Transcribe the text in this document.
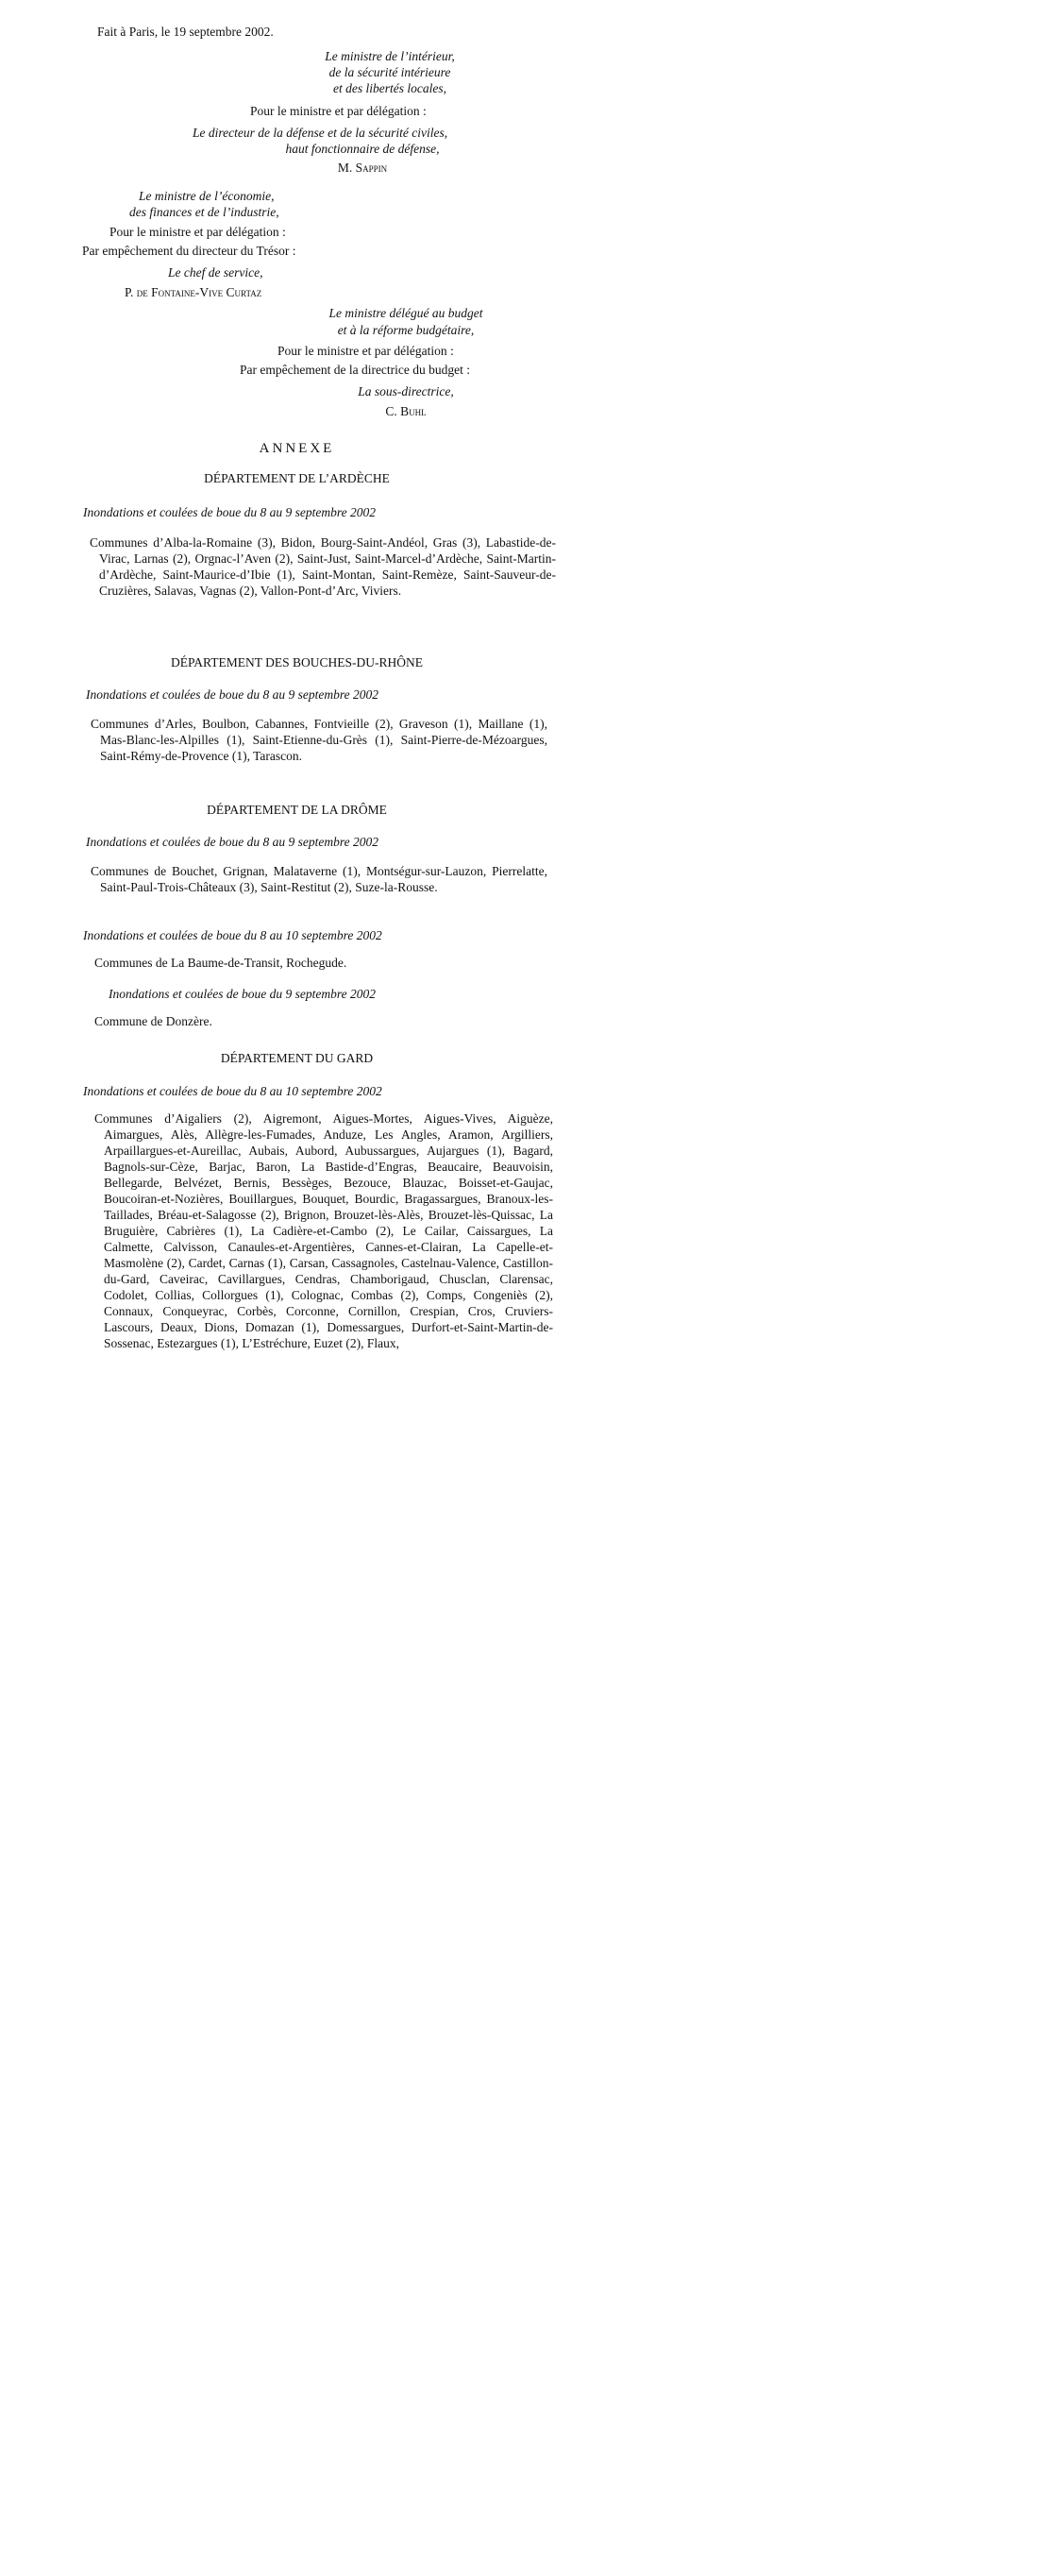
Fait à Paris, le 19 septembre 2002.

Le ministre de l’intérieur,

de la sécurité intérieure

et des libertés locales,

Pour le ministre et par délégation :

Le directeur de la défense et de la sécurité civiles,

haut fonctionnaire de défense,

M. Sappin

Le ministre de l’économie,

des finances et de l’industrie,

Pour le ministre et par délégation :

Par empêchement du directeur du Trésor :

Le chef de service,

P. de Fontaine-Vive Curtaz

Le ministre délégué au budget

et à la réforme budgétaire,

Pour le ministre et par délégation :

Par empêchement de la directrice du budget :

La sous-directrice,

C. Buhl

ANNEXE

DÉPARTEMENT DE L’ARDÈCHE

Inondations et coulées de boue du 8 au 9 septembre 2002

Communes d’Alba-la-Romaine (3), Bidon, Bourg-Saint-Andéol, Gras (3), Labastide-de-Virac, Larnas (2), Orgnac-l’Aven (2), Saint-Just, Saint-Marcel-d’Ardèche, Saint-Martin-d’Ardèche, Saint-Maurice-d’Ibie (1), Saint-Montan, Saint-Remèze, Saint-Sauveur-de-Cruzières, Salavas, Vagnas (2), Vallon-Pont-d’Arc, Viviers.

DÉPARTEMENT DES BOUCHES-DU-RHÔNE

Inondations et coulées de boue du 8 au 9 septembre 2002

Communes d’Arles, Boulbon, Cabannes, Fontvieille (2), Graveson (1), Maillane (1), Mas-Blanc-les-Alpilles (1), Saint-Etienne-du-Grès (1), Saint-Pierre-de-Mézoargues, Saint-Rémy-de-Provence (1), Tarascon.

DÉPARTEMENT DE LA DRÔME

Inondations et coulées de boue du 8 au 9 septembre 2002

Communes de Bouchet, Grignan, Malataverne (1), Montségur-sur-Lauzon, Pierrelatte, Saint-Paul-Trois-Châteaux (3), Saint-Restitut (2), Suze-la-Rousse.

Inondations et coulées de boue du 8 au 10 septembre 2002

Communes de La Baume-de-Transit, Rochegude.

Inondations et coulées de boue du 9 septembre 2002

Commune de Donzère.

DÉPARTEMENT DU GARD

Inondations et coulées de boue du 8 au 10 septembre 2002

Communes d’Aigaliers (2), Aigremont, Aigues-Mortes, Aigues-Vives, Aiguèze, Aimargues, Alès, Allègre-les-Fumades, Anduze, Les Angles, Aramon, Argilliers, Arpaillargues-et-Aureillac, Aubais, Aubord, Aubussargues, Aujargues (1), Bagard, Bagnols-sur-Cèze, Barjac, Baron, La Bastide-d’Engras, Beaucaire, Beauvoisin, Bellegarde, Belvézet, Bernis, Bessèges, Bezouce, Blauzac, Boisset-et-Gaujac, Boucoiran-et-Nozières, Bouillargues, Bouquet, Bourdic, Bragassargues, Branoux-les-Taillades, Bréau-et-Salagosse (2), Brignon, Brouzet-lès-Alès, Brouzet-lès-Quissac, La Bruguière, Cabrières (1), La Cadière-et-Cambo (2), Le Cailar, Caissargues, La Calmette, Calvisson, Canaules-et-Argentières, Cannes-et-Clairan, La Capelle-et-Masmolène (2), Cardet, Carnas (1), Carsan, Cassagnoles, Castelnau-Valence, Castillon-du-Gard, Caveirac, Cavillargues, Cendras, Chamborigaud, Chusclan, Clarensac, Codolet, Collias, Collorgues (1), Colognac, Combas (2), Comps, Congeniès (2), Connaux, Conqueyrac, Corbès, Corconne, Cornillon, Crespian, Cros, Cruviers-Lascours, Deaux, Dions, Domazan (1), Domessargues, Durfort-et-Saint-Martin-de-Sossenac, Estezargues (1), L’Estréchure, Euzet (2), Flaux,
